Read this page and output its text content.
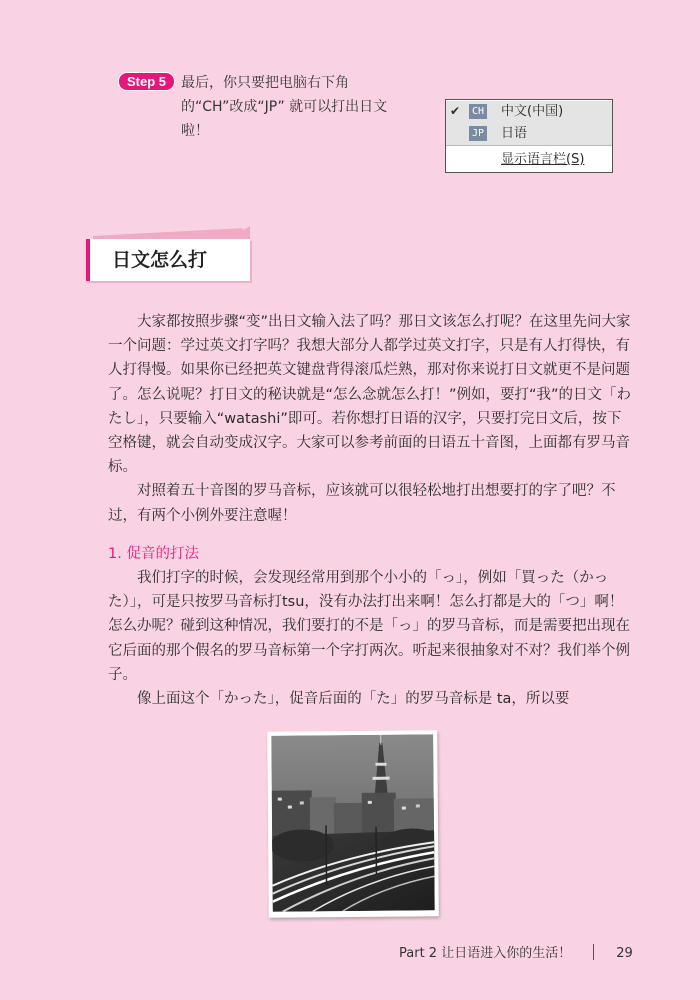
Step 5	最后，你只要把电脑右下角的“CH”改成“JP” 就可以打出日文啦！
✔ CH 中文(中国)
JP 日语
显示语言栏(S)
日文怎么打

大家都按照步骤“变”出日文输入法了吗？那日文该怎么打呢？在这里先问大家一个问题：学过英文打字吗？我想大部分人都学过英文打字，只是有人打得快，有人打得慢。如果你已经把英文键盘背得滚瓜烂熟，那对你来说打日文就更不是问题了。怎么说呢？打日文的秘诀就是“怎么念就怎么打！”例如，要打“我”的日文「わたし」，只要输入“watashi”即可。若你想打日语的汉字，只要打完日文后，按下空格键，就会自动变成汉字。大家可以参考前面的日语五十音图，上面都有罗马音标。

对照着五十音图的罗马音标，应该就可以很轻松地打出想要打的字了吧？不过，有两个小例外要注意喔！

1. 促音的打法

我们打字的时候，会发现经常用到那个小小的「っ」，例如「買った（かった）」，可是只按罗马音标打tsu，没有办法打出来啊！怎么打都是大的「つ」啊！怎么办呢？碰到这种情况，我们要打的不是「っ」的罗马音标，而是需要把出现在它后面的那个假名的罗马音标第一个字打两次。听起来很抽象对不对？我们举个例子。

像上面这个「かった」，促音后面的「た」的罗马音标是 ta，所以要

Part 2 让日语进入你的生活！	29
